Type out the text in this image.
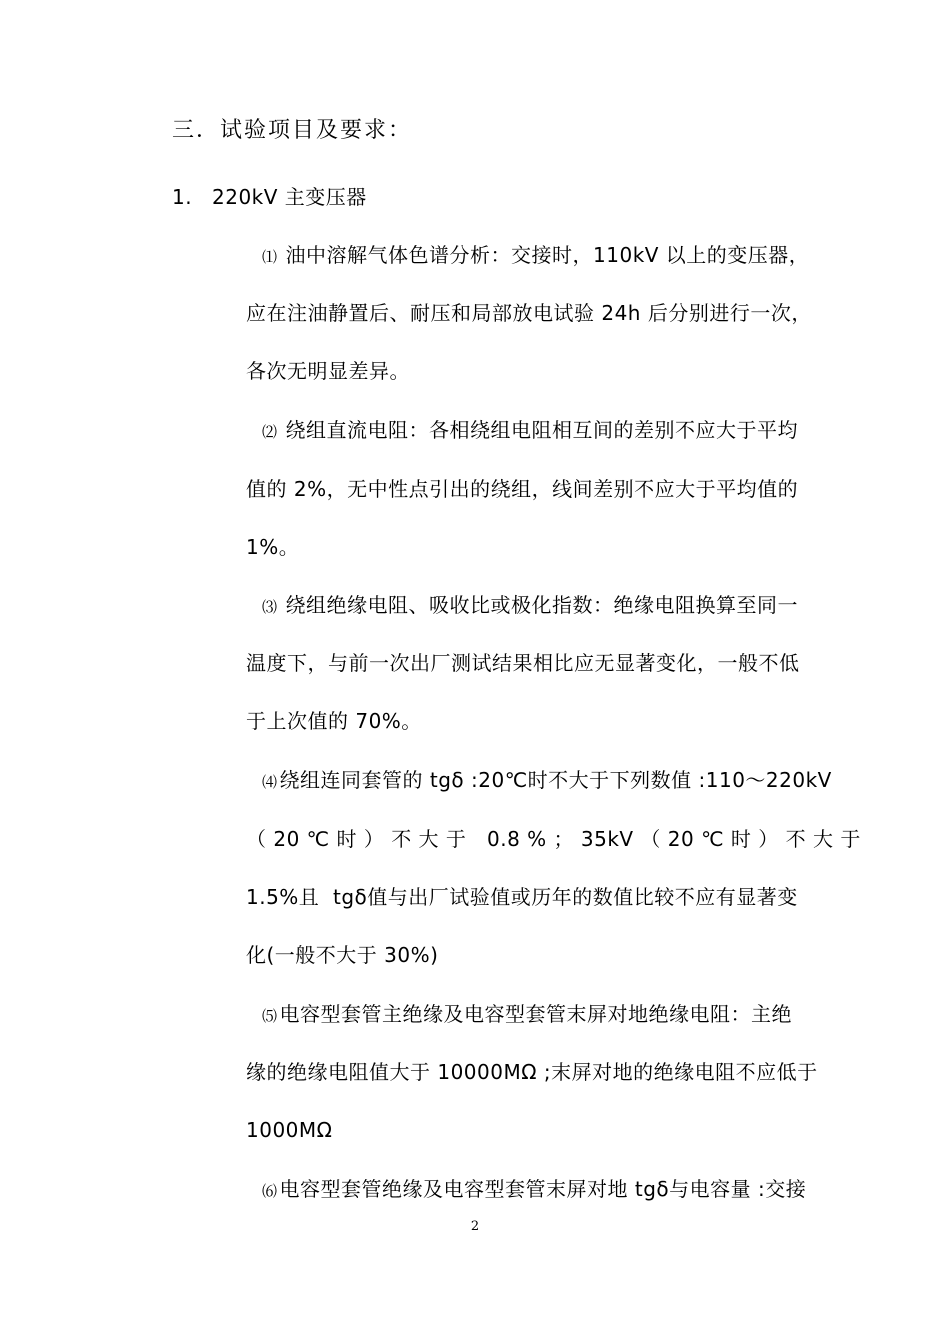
三．试验项目及要求：
1. 220kV 主变压器
⑴ 油中溶解气体色谱分析：交接时，110kV 以上的变压器，
应在注油静置后、耐压和局部放电试验 24h 后分别进行一次，
各次无明显差异。
⑵ 绕组直流电阻：各相绕组电阻相互间的差别不应大于平均
值的 2%，无中性点引出的绕组，线间差别不应大于平均值的
1%。
⑶ 绕组绝缘电阻、吸收比或极化指数：绝缘电阻换算至同一
温度下，与前一次出厂测试结果相比应无显著变化，一般不低
于上次值的 70%。
⑷ 绕组连同套管的 tgδ :20℃时不大于下列数值 :110～220kV
（ 20 ℃ 时 ） 不 大 于   0.8 % ； 35kV （ 20 ℃ 时 ） 不 大 于
1.5%且  tgδ值与出厂试验值或历年的数值比较不应有显著变
化(一般不大于 30%)
⑸ 电容型套管主绝缘及电容型套管末屏对地绝缘电阻：主绝
缘的绝缘电阻值大于 10000MΩ ;末屏对地的绝缘电阻不应低于
1000MΩ
⑹ 电容型套管绝缘及电容型套管末屏对地 tgδ与电容量 :交接
2
